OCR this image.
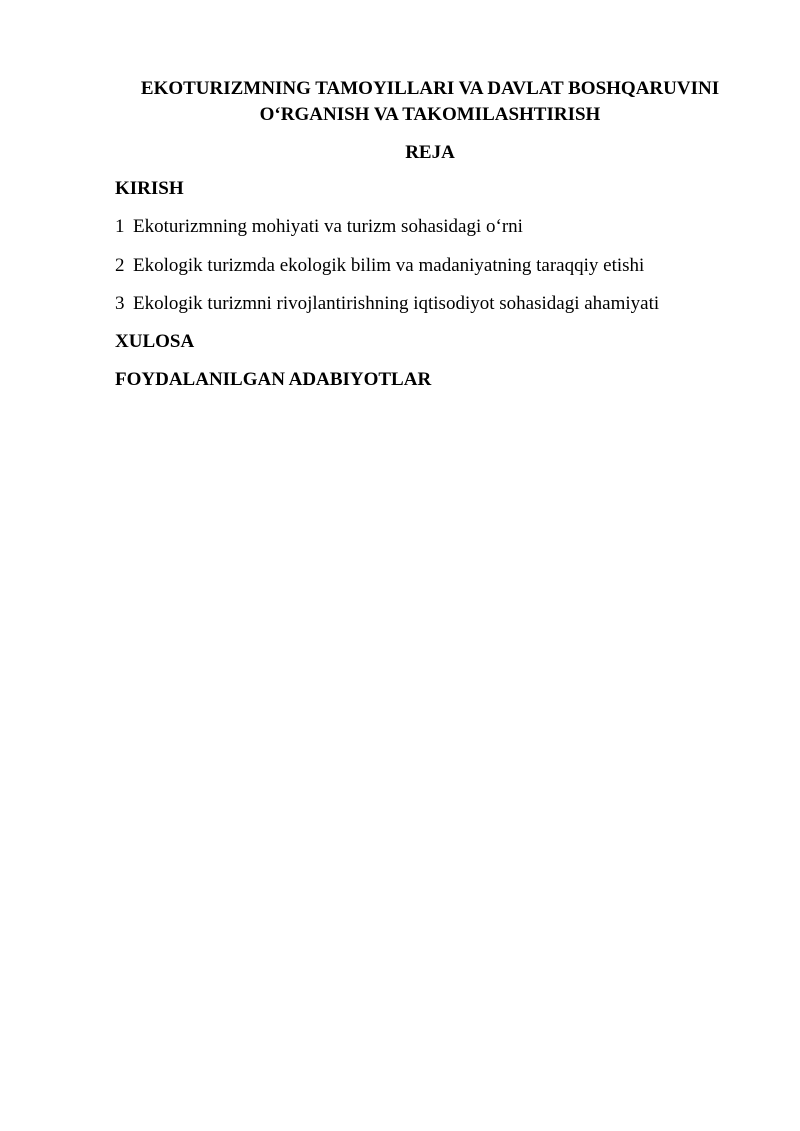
EKOTURIZMNING TAMOYILLARI VA DAVLAT BOSHQARUVINI
O‘RGANISH VA TAKOMILASHTIRISH
REJA
KIRISH
1 Ekoturizmning mohiyati va turizm sohasidagi o‘rni
2 Ekologik turizmda ekologik bilim va madaniyatning taraqqiy etishi
3 Ekologik turizmni rivojlantirishning iqtisodiyot sohasidagi ahamiyati
XULOSA
FOYDALANILGAN ADABIYOTLAR
